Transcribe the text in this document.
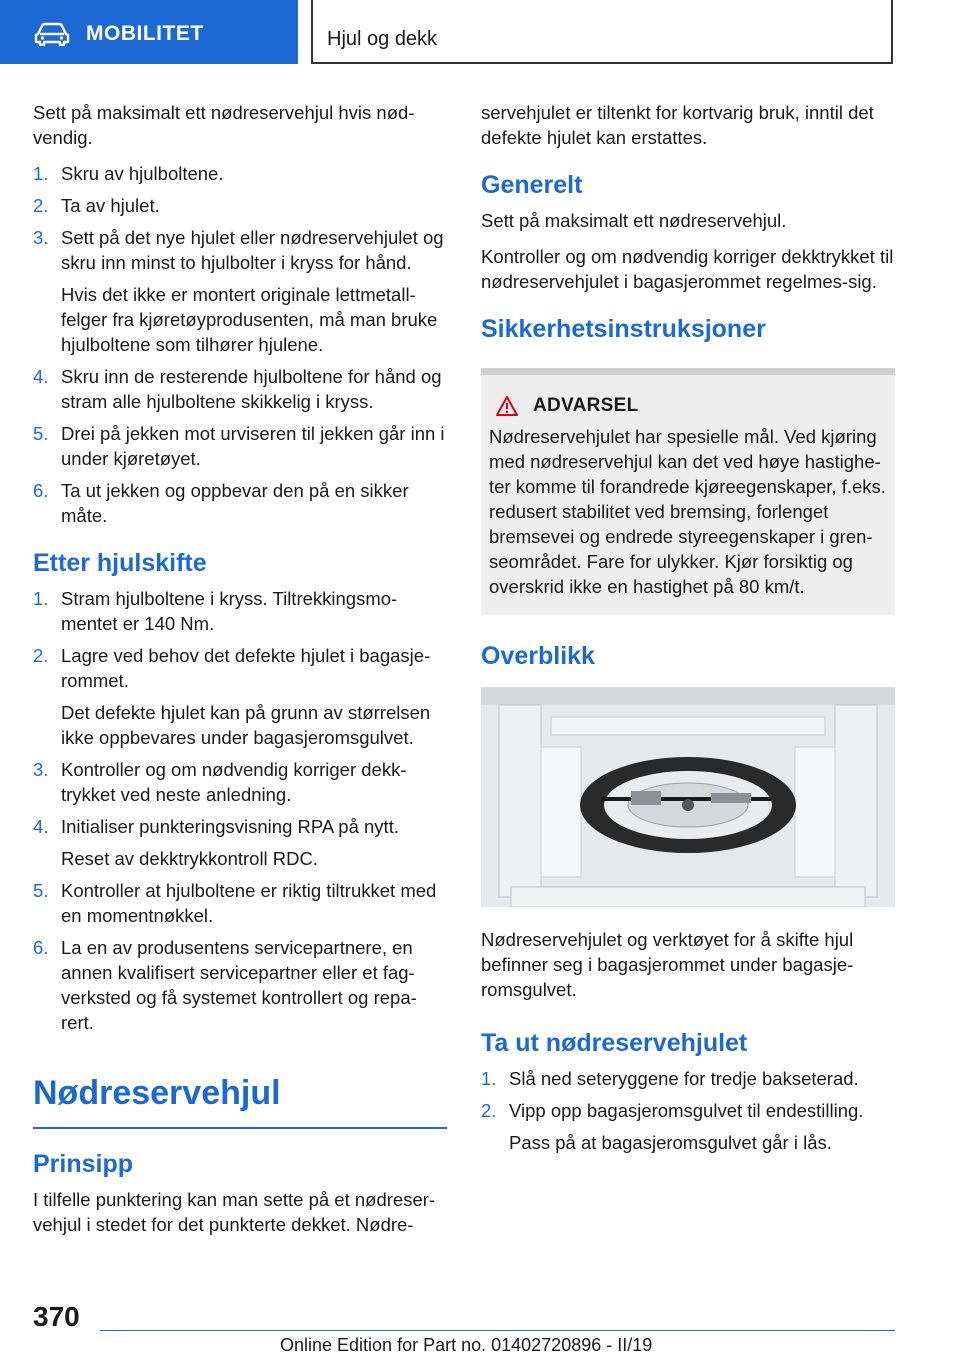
MOBILITET	Hjul og dekk

Sett på maksimalt ett nødreservehjul hvis nød-vendig.

1. Skru av hjulboltene.
2. Ta av hjulet.
3. Sett på det nye hjulet eller nødreservehjulet og skru inn minst to hjulbolter i kryss for hånd.
Hvis det ikke er montert originale lettmetall-felger fra kjøretøyprodusenten, må man bruke hjulboltene som tilhører hjulene.
4. Skru inn de resterende hjulboltene for hånd og stram alle hjulboltene skikkelig i kryss.
5. Drei på jekken mot urviseren til jekken går inn i under kjøretøyet.
6. Ta ut jekken og oppbevar den på en sikker måte.
Etter hjulskifte
1. Stram hjulboltene i kryss. Tiltrekkingsmo-mentet er 140 Nm.
2. Lagre ved behov det defekte hjulet i bagasje-rommet.
Det defekte hjulet kan på grunn av størrelsen ikke oppbevares under bagasjeromsgulvet.
3. Kontroller og om nødvendig korriger dekk-trykket ved neste anledning.
4. Initialiser punkteringsvisning RPA på nytt.
Reset av dekktrykkontroll RDC.
5. Kontroller at hjulboltene er riktig tiltrukket med en momentnøkkel.
6. La en av produsentens servicepartnere, en annen kvalifisert servicepartner eller et fag-verksted og få systemet kontrollert og repa-rert.
Nødreservehjul
Prinsipp

I tilfelle punktering kan man sette på et nødreser-vehjul i stedet for det punkterte dekket. Nødre-

servehjulet er tiltenkt for kortvarig bruk, inntil det defekte hjulet kan erstattes.

Generelt

Sett på maksimalt ett nødreservehjul.

Kontroller og om nødvendig korriger dekktrykket til nødreservehjulet i bagasjerommet regelmes-sig.

Sikkerhetsinstruksjoner
ADVARSEL

Nødreservehjulet har spesielle mål. Ved kjøring med nødreservehjul kan det ved høye hastighe-ter komme til forandrede kjøreegenskaper, f.eks. redusert stabilitet ved bremsing, forlenget bremsevei og endrede styreegenskaper i gren-seområdet. Fare for ulykker. Kjør forsiktig og overskrid ikke en hastighet på 80 km/t.

Overblikk

Nødreservehjulet og verktøyet for å skifte hjul befinner seg i bagasjerommet under bagasje-romsgulvet.

Ta ut nødreservehjulet
1. Slå ned seteryggene for tredje bakseterad.
2. Vipp opp bagasjeromsgulvet til endestilling.
Pass på at bagasjeromsgulvet går i lås.
370
Online Edition for Part no. 01402720896 - II/19
